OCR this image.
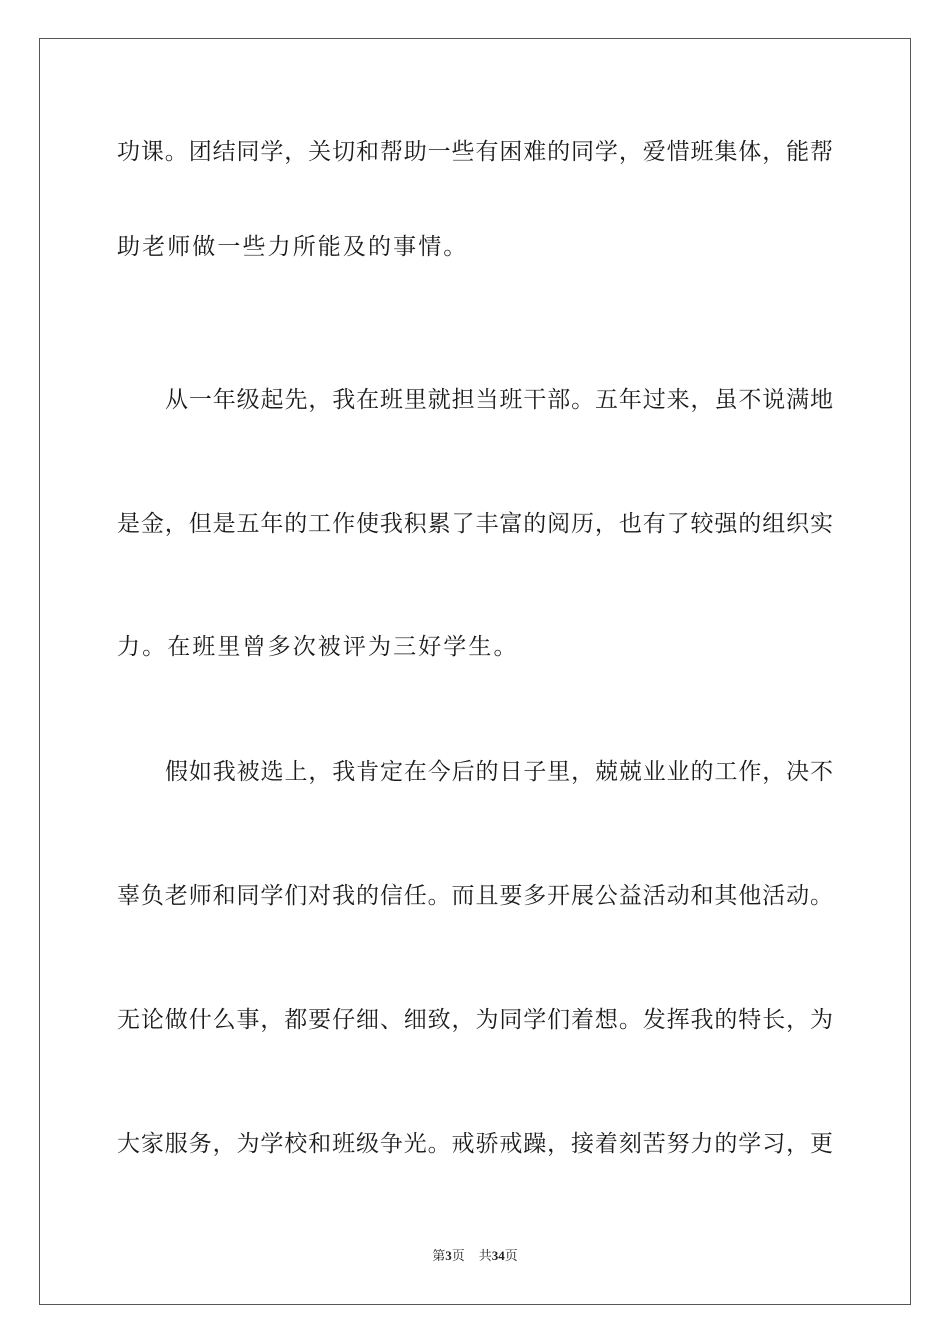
功课。团结同学，关切和帮助一些有困难的同学，爱惜班集体，能帮
助老师做一些力所能及的事情。
从一年级起先，我在班里就担当班干部。五年过来，虽不说满地
是金，但是五年的工作使我积累了丰富的阅历，也有了较强的组织实
力。在班里曾多次被评为三好学生。
假如我被选上，我肯定在今后的日子里，兢兢业业的工作，决不
辜负老师和同学们对我的信任。而且要多开展公益活动和其他活动。
无论做什么事，都要仔细、细致，为同学们着想。发挥我的特长，为
大家服务，为学校和班级争光。戒骄戒躁，接着刻苦努力的学习，更
第3页 共34页
